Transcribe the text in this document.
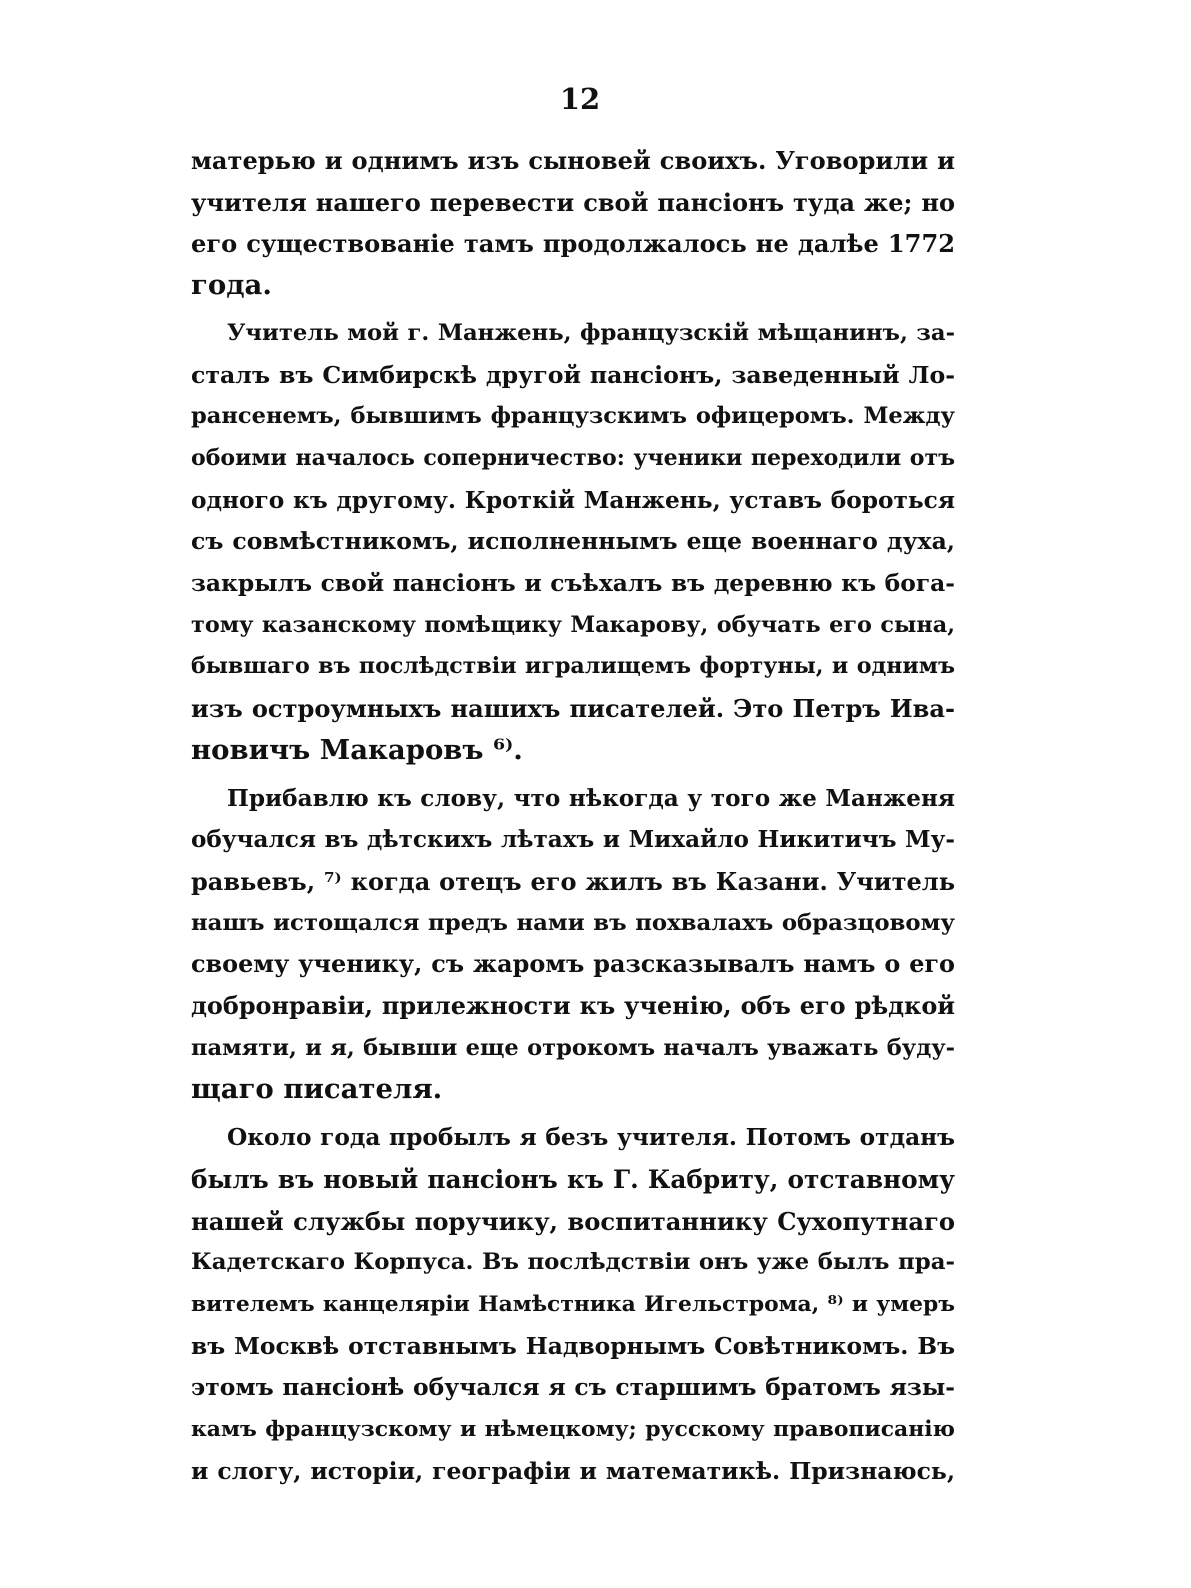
12
матерью и однимъ изъ сыновей своихъ. Уговорили и
учителя нашего перевести свой пансіонъ туда же; но
его существованіе тамъ продолжалось не далѣе 1772
года.
Учитель мой г. Манжень, французскій мѣщанинъ, за-
сталъ въ Симбирскѣ другой пансіонъ, заведенный Ло-
рансенемъ, бывшимъ французскимъ офицеромъ. Между
обоими началось соперничество: ученики переходили отъ
одного къ другому. Кроткій Манжень, уставъ бороться
съ совмѣстникомъ, исполненнымъ еще военнаго духа,
закрылъ свой пансіонъ и съѣхалъ въ деревню къ бога-
тому казанскому помѣщику Макарову, обучать его сына,
бывшаго въ послѣдствіи игралищемъ фортуны, и однимъ
изъ остроумныхъ нашихъ писателей. Это Петръ Ива-
новичъ Макаровъ ⁶⁾.
Прибавлю къ слову, что нѣкогда у того же Манженя
обучался въ дѣтскихъ лѣтахъ и Михайло Никитичъ Му-
равьевъ, ⁷⁾ когда отецъ его жилъ въ Казани. Учитель
нашъ истощался предъ нами въ похвалахъ образцовому
своему ученику, съ жаромъ разсказывалъ намъ о его
добронравіи, прилежности къ ученію, объ его рѣдкой
памяти, и я, бывши еще отрокомъ началъ уважать буду-
щаго писателя.
Около года пробылъ я безъ учителя. Потомъ отданъ
былъ въ новый пансіонъ къ Г. Кабриту, отставному
нашей службы поручику, воспитаннику Сухопутнаго
Кадетскаго Корпуса. Въ послѣдствіи онъ уже былъ пра-
вителемъ канцеляріи Намѣстника Игельстрома, ⁸⁾ и умеръ
въ Москвѣ отставнымъ Надворнымъ Совѣтникомъ. Въ
этомъ пансіонѣ обучался я съ старшимъ братомъ язы-
камъ французскому и нѣмецкому; русскому правописанію
и слогу, исторіи, географіи и математикѣ. Признаюсь,
